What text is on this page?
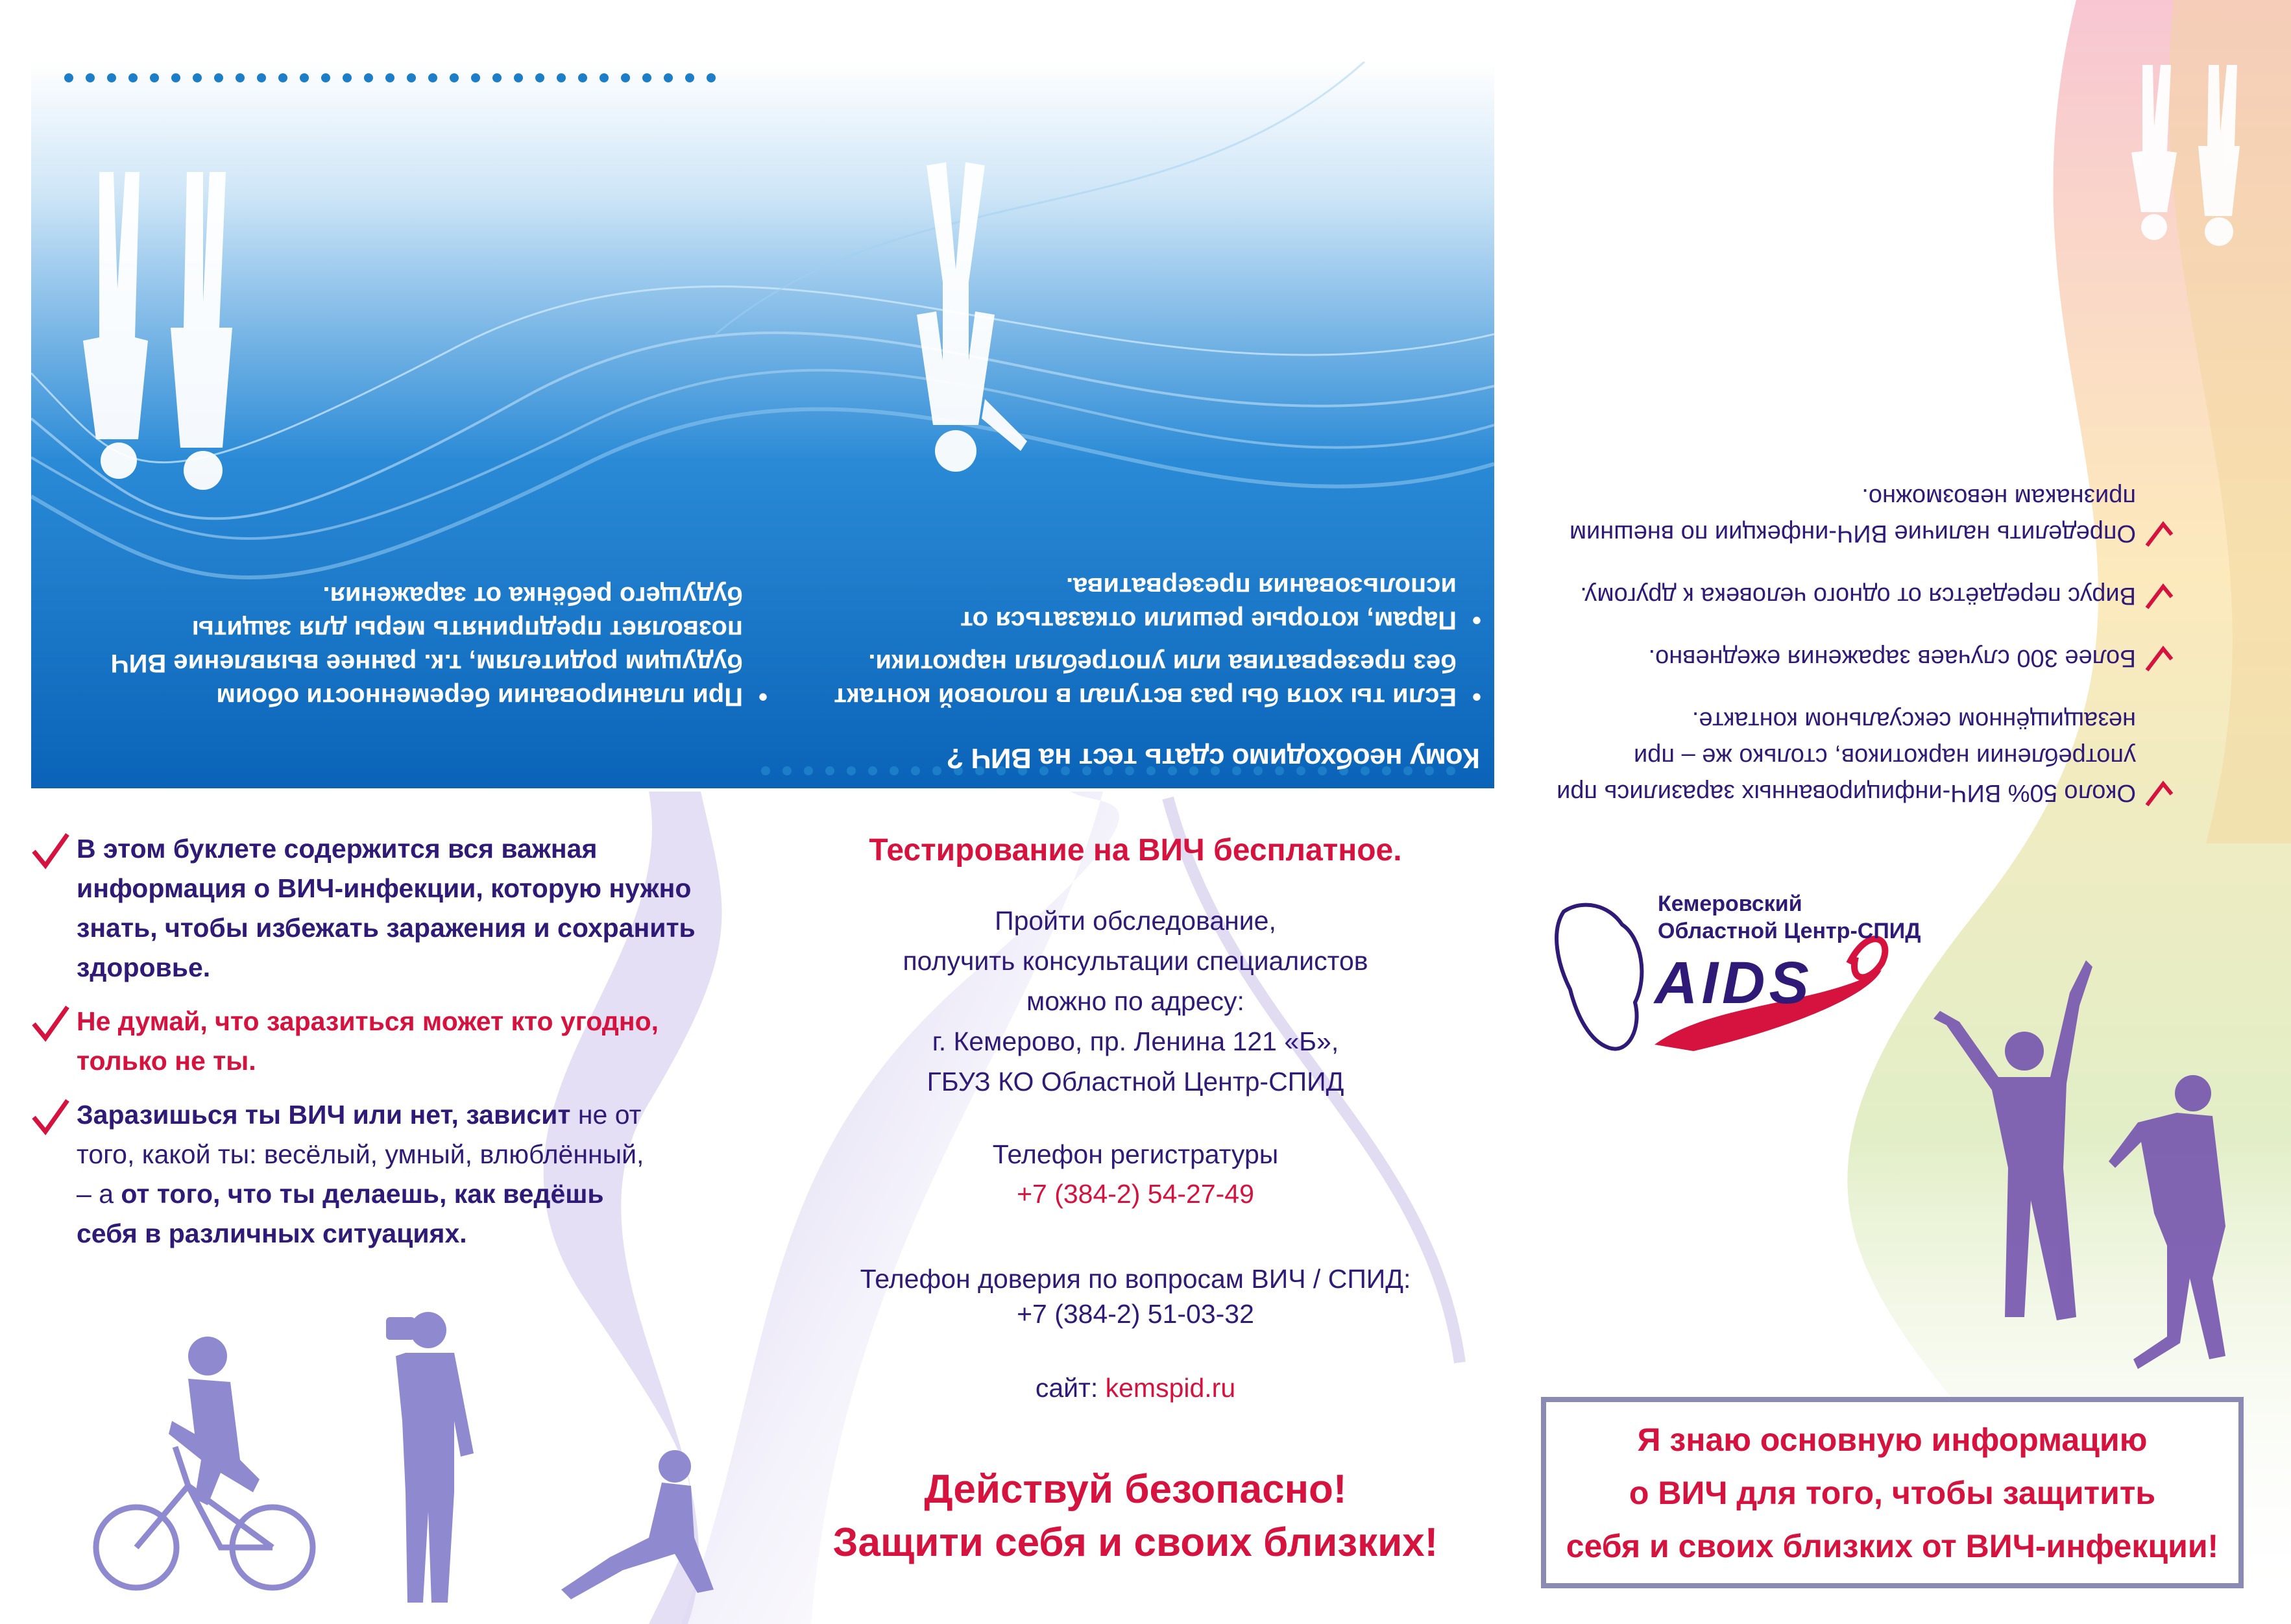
Кому необходимо сдать тест на ВИЧ ?
• Если ты хотя бы раз вступал в половой контакт без презерватива или употреблял наркотики.
• Парам, которые решили отказаться от использования презерватива.
• При планировании беременности обоим будущим родителям, т.к. раннее выявление ВИЧ позволяет предпринять меры для защиты будущего ребёнка от заражения.
Около 50% ВИЧ-инфицированных заразились при употреблении наркотиков, столько же – при незащищённом сексуальном контакте.
Более 300 случаев заражения ежедневно.
Вирус передаётся от одного человека к другому.
Определить наличие ВИЧ-инфекции по внешним признакам невозможно.

В этом буклете содержится вся важная информация о ВИЧ-инфекции, которую нужно знать, чтобы избежать заражения и сохранить здоровье.

Не думай, что заразиться может кто угодно, только не ты.

Заразишься ты ВИЧ или нет, зависит не от того, какой ты: весёлый, умный, влюблённый, – а от того, что ты делаешь, как ведёшь себя в различных ситуациях.

Тестирование на ВИЧ бесплатное.
Пройти обследование,
получить консультации специалистов
можно по адресу:
г. Кемерово, пр. Ленина 121 «Б»,
ГБУЗ КО Областной Центр-СПИД
Телефон регистратуры
+7 (384-2) 54-27-49
Телефон доверия по вопросам ВИЧ / СПИД:
+7 (384-2) 51-03-32
сайт: kemspid.ru
Действуй безопасно!
Защити себя и своих близких!
Кемеровский
Областной Центр-СПИД
AIDS
Я знаю основную информацию
о ВИЧ для того, чтобы защитить
себя и своих близких от ВИЧ-инфекции!
